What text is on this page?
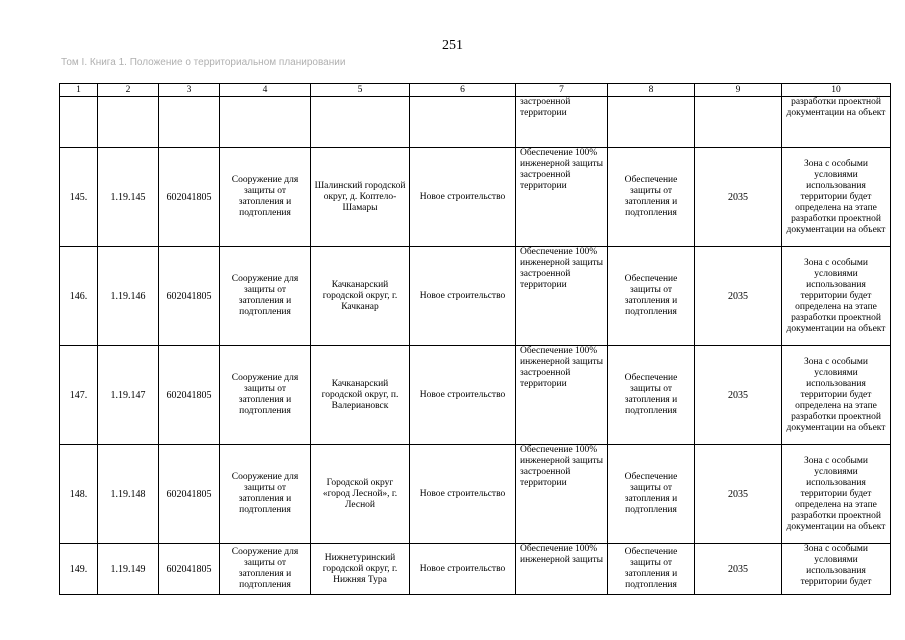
251
Том I. Книга 1. Положение о территориальном планировании
1	2	3	4	5	6	7	8	9	10
						застроенной территории			разработки проектной документации на объект
145.	1.19.145	602041805	Сооружение для защиты от затопления и подтопления	Шалинский городской округ, д. Коптело-Шамары	Новое строительство	Обеспечение 100% инженерной защиты застроенной территории	Обеспечение защиты от затопления и подтопления	2035	Зона с особыми условиями использования территории будет определена на этапе разработки проектной документации на объект
146.	1.19.146	602041805	Сооружение для защиты от затопления и подтопления	Качканарский городской округ, г. Качканар	Новое строительство	Обеспечение 100% инженерной защиты застроенной территории	Обеспечение защиты от затопления и подтопления	2035	Зона с особыми условиями использования территории будет определена на этапе разработки проектной документации на объект
147.	1.19.147	602041805	Сооружение для защиты от затопления и подтопления	Качканарский городской округ, п. Валериановск	Новое строительство	Обеспечение 100% инженерной защиты застроенной территории	Обеспечение защиты от затопления и подтопления	2035	Зона с особыми условиями использования территории будет определена на этапе разработки проектной документации на объект
148.	1.19.148	602041805	Сооружение для защиты от затопления и подтопления	Городской округ «город Лесной», г. Лесной	Новое строительство	Обеспечение 100% инженерной защиты застроенной территории	Обеспечение защиты от затопления и подтопления	2035	Зона с особыми условиями использования территории будет определена на этапе разработки проектной документации на объект
149.	1.19.149	602041805	Сооружение для защиты от затопления и подтопления	Нижнетуринский городской округ, г. Нижняя Тура	Новое строительство	Обеспечение 100% инженерной защиты	Обеспечение защиты от затопления и подтопления	2035	Зона с особыми условиями использования территории будет
